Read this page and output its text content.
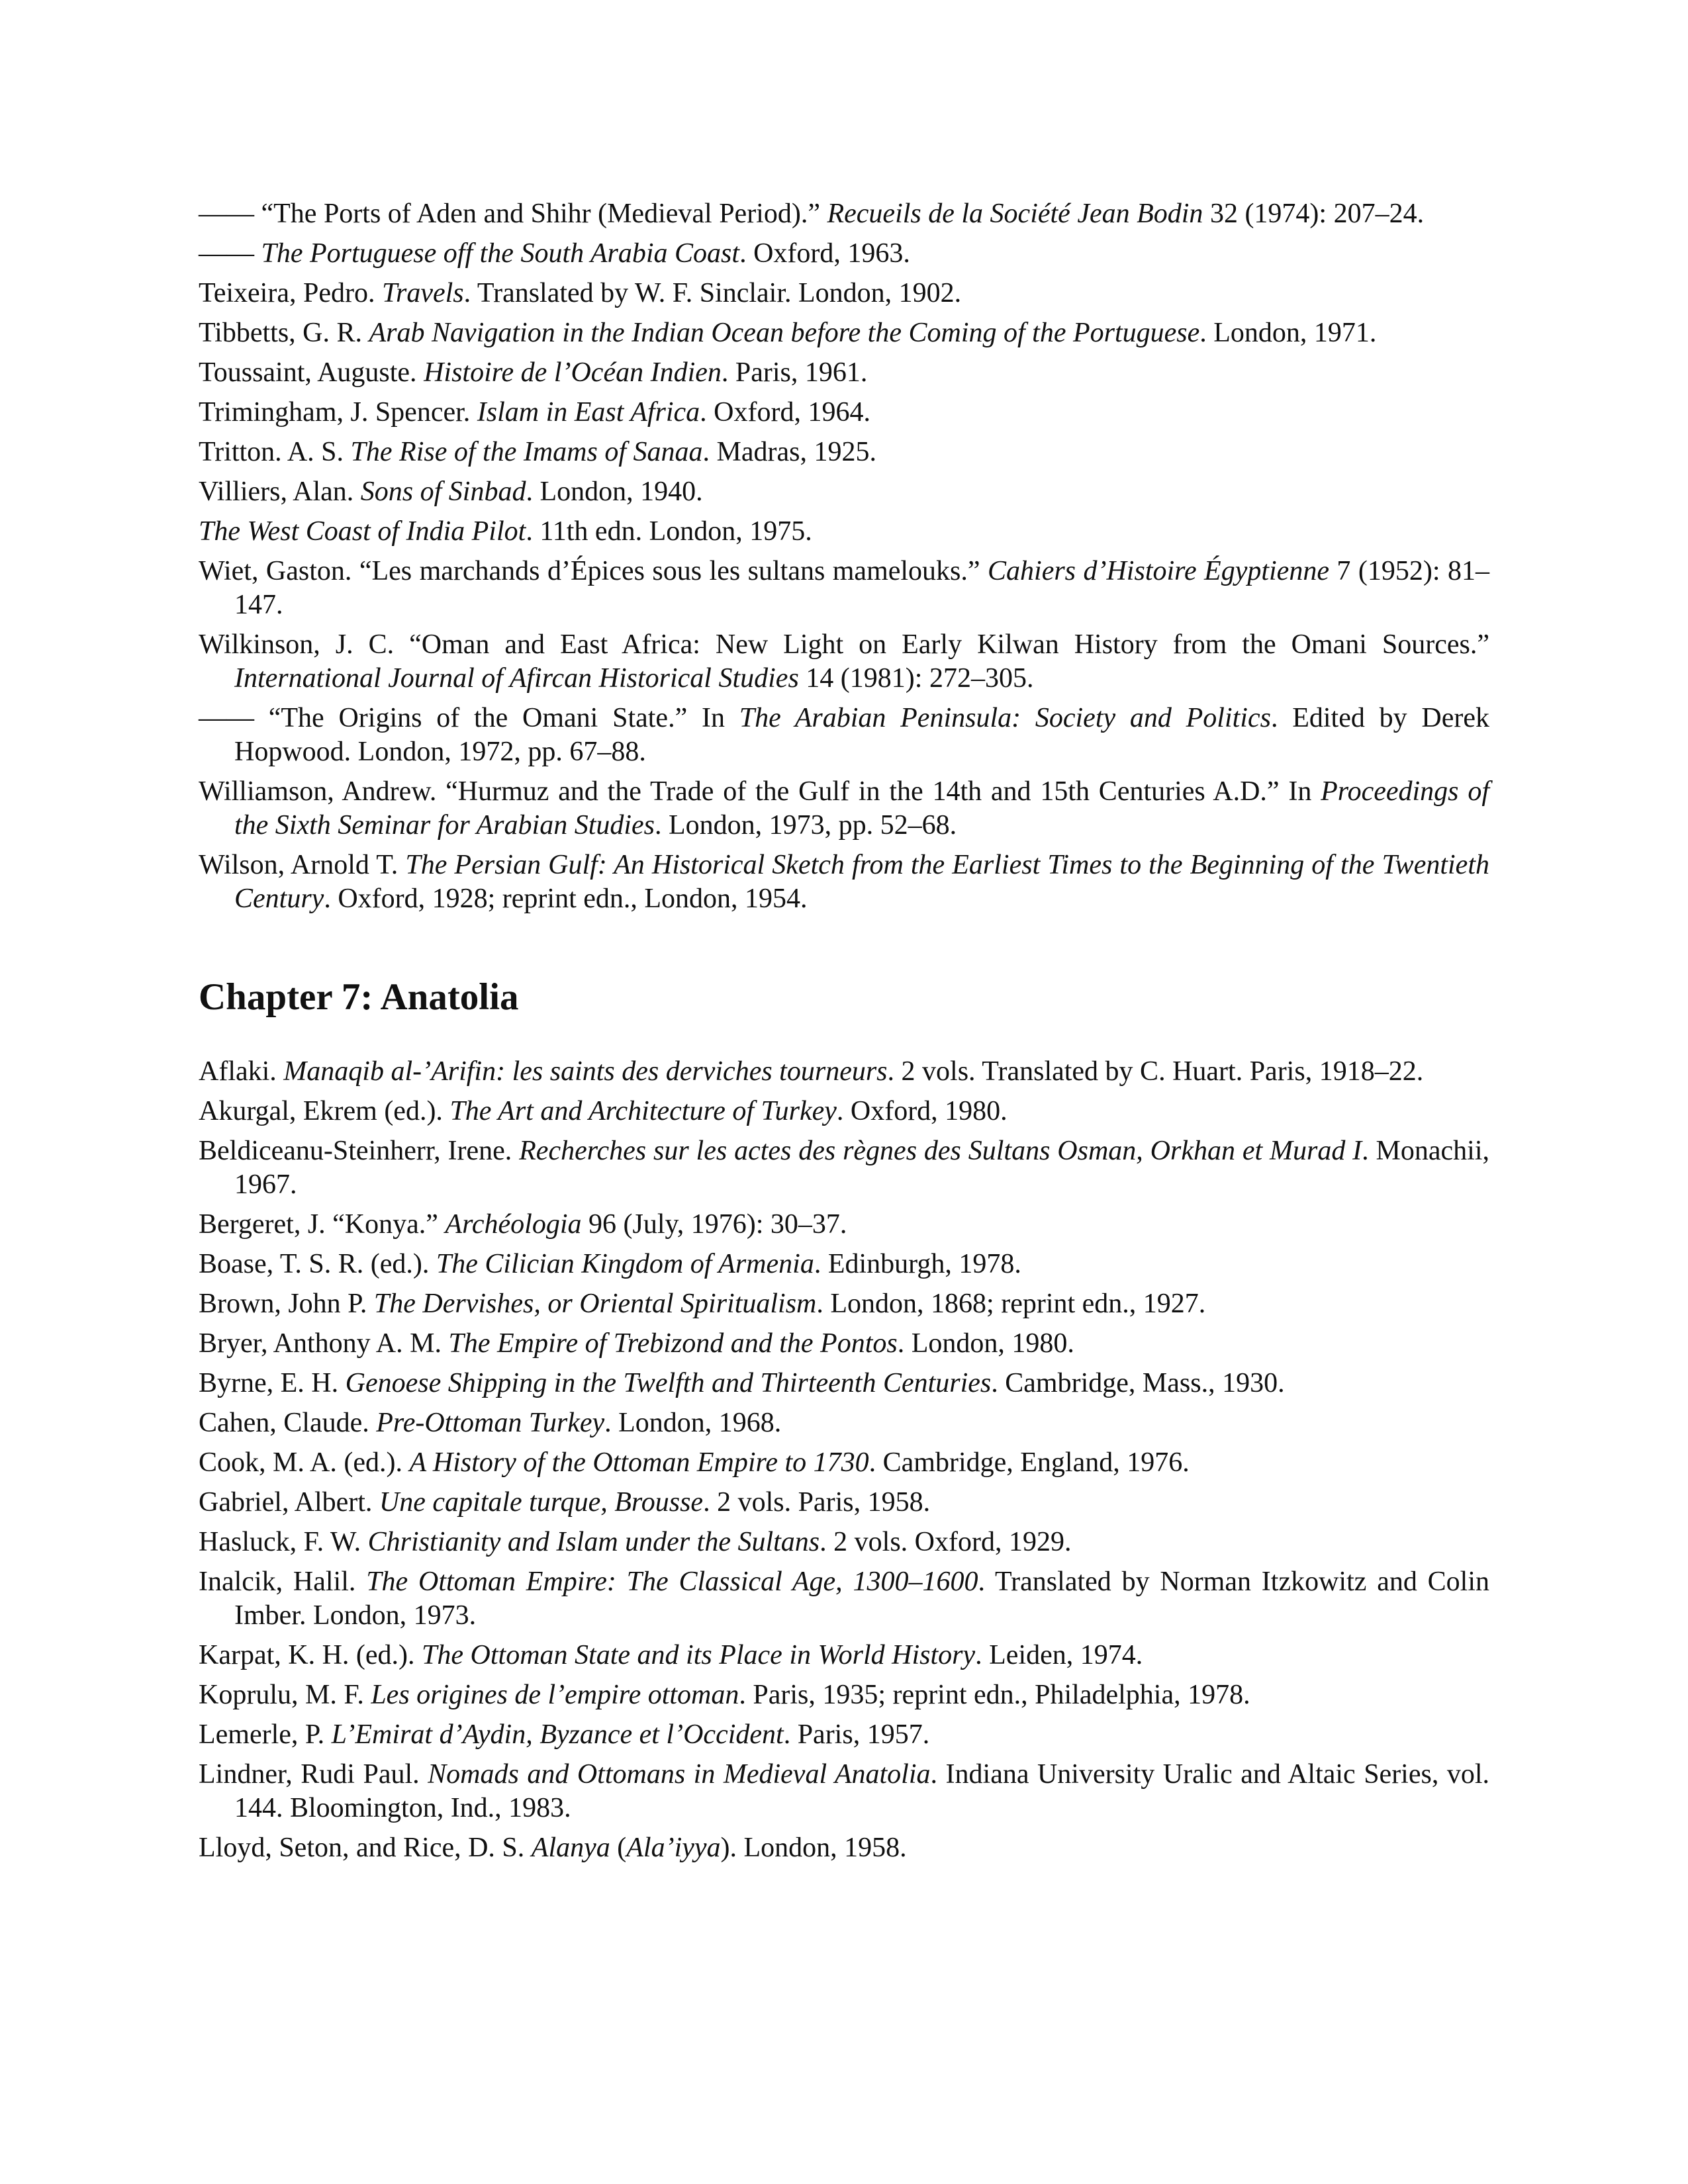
—— “The Ports of Aden and Shihr (Medieval Period).” Recueils de la Société Jean Bodin 32 (1974): 207–24.

—— The Portuguese off the South Arabia Coast. Oxford, 1963.

Teixeira, Pedro. Travels. Translated by W. F. Sinclair. London, 1902.

Tibbetts, G. R. Arab Navigation in the Indian Ocean before the Coming of the Portuguese. London, 1971.

Toussaint, Auguste. Histoire de l’Océan Indien. Paris, 1961.

Trimingham, J. Spencer. Islam in East Africa. Oxford, 1964.

Tritton. A. S. The Rise of the Imams of Sanaa. Madras, 1925.

Villiers, Alan. Sons of Sinbad. London, 1940.

The West Coast of India Pilot. 11th edn. London, 1975.

Wiet, Gaston. “Les marchands d’Épices sous les sultans mamelouks.” Cahiers d’Histoire Égyptienne 7 (1952): 81–147.

Wilkinson, J. C. “Oman and East Africa: New Light on Early Kilwan History from the Omani Sources.” International Journal of Afircan Historical Studies 14 (1981): 272–305.

—— “The Origins of the Omani State.” In The Arabian Peninsula: Society and Politics. Edited by Derek Hopwood. London, 1972, pp. 67–88.

Williamson, Andrew. “Hurmuz and the Trade of the Gulf in the 14th and 15th Centuries A.D.” In Proceedings of the Sixth Seminar for Arabian Studies. London, 1973, pp. 52–68.

Wilson, Arnold T. The Persian Gulf: An Historical Sketch from the Earliest Times to the Beginning of the Twentieth Century. Oxford, 1928; reprint edn., London, 1954.

Chapter 7: Anatolia

Aflaki. Manaqib al-’Arifin: les saints des derviches tourneurs. 2 vols. Translated by C. Huart. Paris, 1918–22.

Akurgal, Ekrem (ed.). The Art and Architecture of Turkey. Oxford, 1980.

Beldiceanu-Steinherr, Irene. Recherches sur les actes des règnes des Sultans Osman, Orkhan et Murad I. Monachii, 1967.

Bergeret, J. “Konya.” Archéologia 96 (July, 1976): 30–37.

Boase, T. S. R. (ed.). The Cilician Kingdom of Armenia. Edinburgh, 1978.

Brown, John P. The Dervishes, or Oriental Spiritualism. London, 1868; reprint edn., 1927.

Bryer, Anthony A. M. The Empire of Trebizond and the Pontos. London, 1980.

Byrne, E. H. Genoese Shipping in the Twelfth and Thirteenth Centuries. Cambridge, Mass., 1930.

Cahen, Claude. Pre-Ottoman Turkey. London, 1968.

Cook, M. A. (ed.). A History of the Ottoman Empire to 1730. Cambridge, England, 1976.

Gabriel, Albert. Une capitale turque, Brousse. 2 vols. Paris, 1958.

Hasluck, F. W. Christianity and Islam under the Sultans. 2 vols. Oxford, 1929.

Inalcik, Halil. The Ottoman Empire: The Classical Age, 1300–1600. Translated by Norman Itzkowitz and Colin Imber. London, 1973.

Karpat, K. H. (ed.). The Ottoman State and its Place in World History. Leiden, 1974.

Koprulu, M. F. Les origines de l’empire ottoman. Paris, 1935; reprint edn., Philadelphia, 1978.

Lemerle, P. L’Emirat d’Aydin, Byzance et l’Occident. Paris, 1957.

Lindner, Rudi Paul. Nomads and Ottomans in Medieval Anatolia. Indiana University Uralic and Altaic Series, vol. 144. Bloomington, Ind., 1983.

Lloyd, Seton, and Rice, D. S. Alanya (Ala’iyya). London, 1958.
